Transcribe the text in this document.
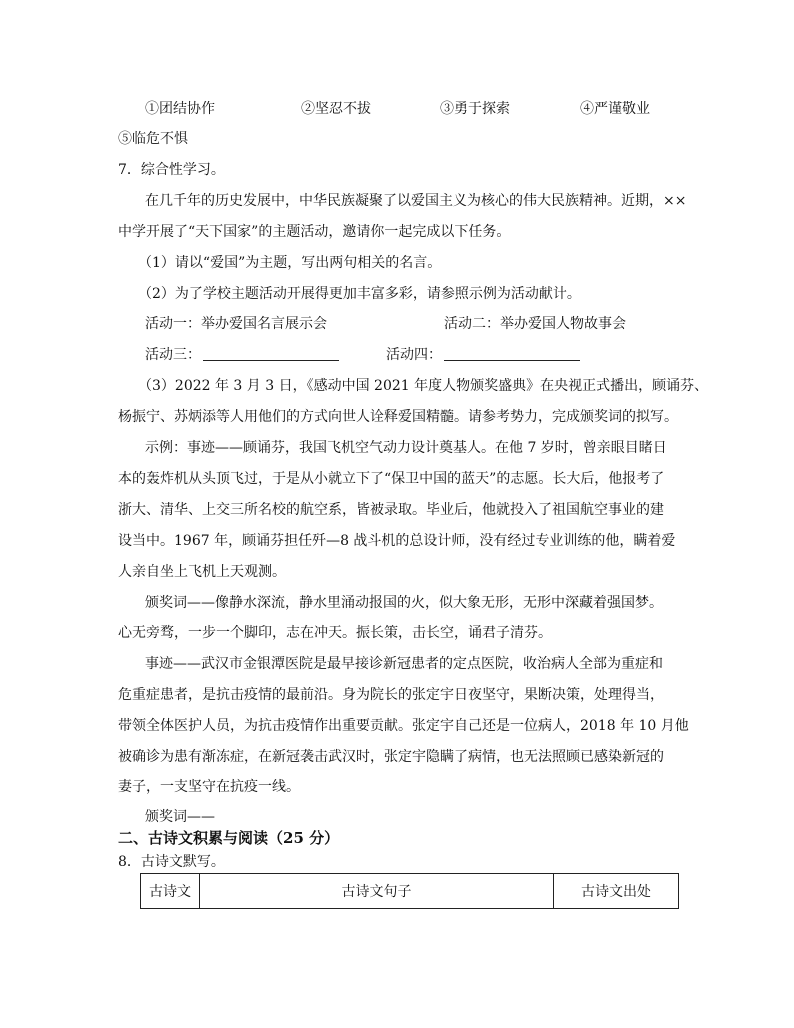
①团结协作	②坚忍不拔	③勇于探索	④严谨敬业
⑤临危不惧
7．综合性学习。
在几千年的历史发展中，中华民族凝聚了以爱国主义为核心的伟大民族精神。近期，××
中学开展了“天下国家”的主题活动，邀请你一起完成以下任务。
（1）请以“爱国”为主题，写出两句相关的名言。
（2）为了学校主题活动开展得更加丰富多彩，请参照示例为活动献计。
活动一：举办爱国名言展示会	活动二：举办爱国人物故事会
活动三：	活动四：
（3）2022 年 3 月 3 日，《感动中国 2021 年度人物颁奖盛典》在央视正式播出，顾诵芬、
杨振宁、苏炳添等人用他们的方式向世人诠释爱国精髓。请参考势力，完成颁奖词的拟写。
示例：事迹——顾诵芬，我国飞机空气动力设计奠基人。在他 7 岁时，曾亲眼目睹日
本的轰炸机从头顶飞过，于是从小就立下了“保卫中国的蓝天”的志愿。长大后，他报考了
浙大、清华、上交三所名校的航空系，皆被录取。毕业后，他就投入了祖国航空事业的建
设当中。1967 年，顾诵芬担任歼—8 战斗机的总设计师，没有经过专业训练的他，瞒着爱
人亲自坐上飞机上天观测。
颁奖词——像静水深流，静水里涌动报国的火，似大象无形，无形中深藏着强国梦。
心无旁骛，一步一个脚印，志在冲天。振长策，击长空，诵君子清芬。
事迹——武汉市金银潭医院是最早接诊新冠患者的定点医院，收治病人全部为重症和
危重症患者，是抗击疫情的最前沿。身为院长的张定宇日夜坚守，果断决策，处理得当，
带领全体医护人员，为抗击疫情作出重要贡献。张定宇自己还是一位病人，2018 年 10 月他
被确诊为患有渐冻症，在新冠袭击武汉时，张定宇隐瞒了病情，也无法照顾已感染新冠的
妻子，一支坚守在抗疫一线。
颁奖词——
二、古诗文积累与阅读（25 分）
8．古诗文默写。
古诗文	古诗文句子	古诗文出处
